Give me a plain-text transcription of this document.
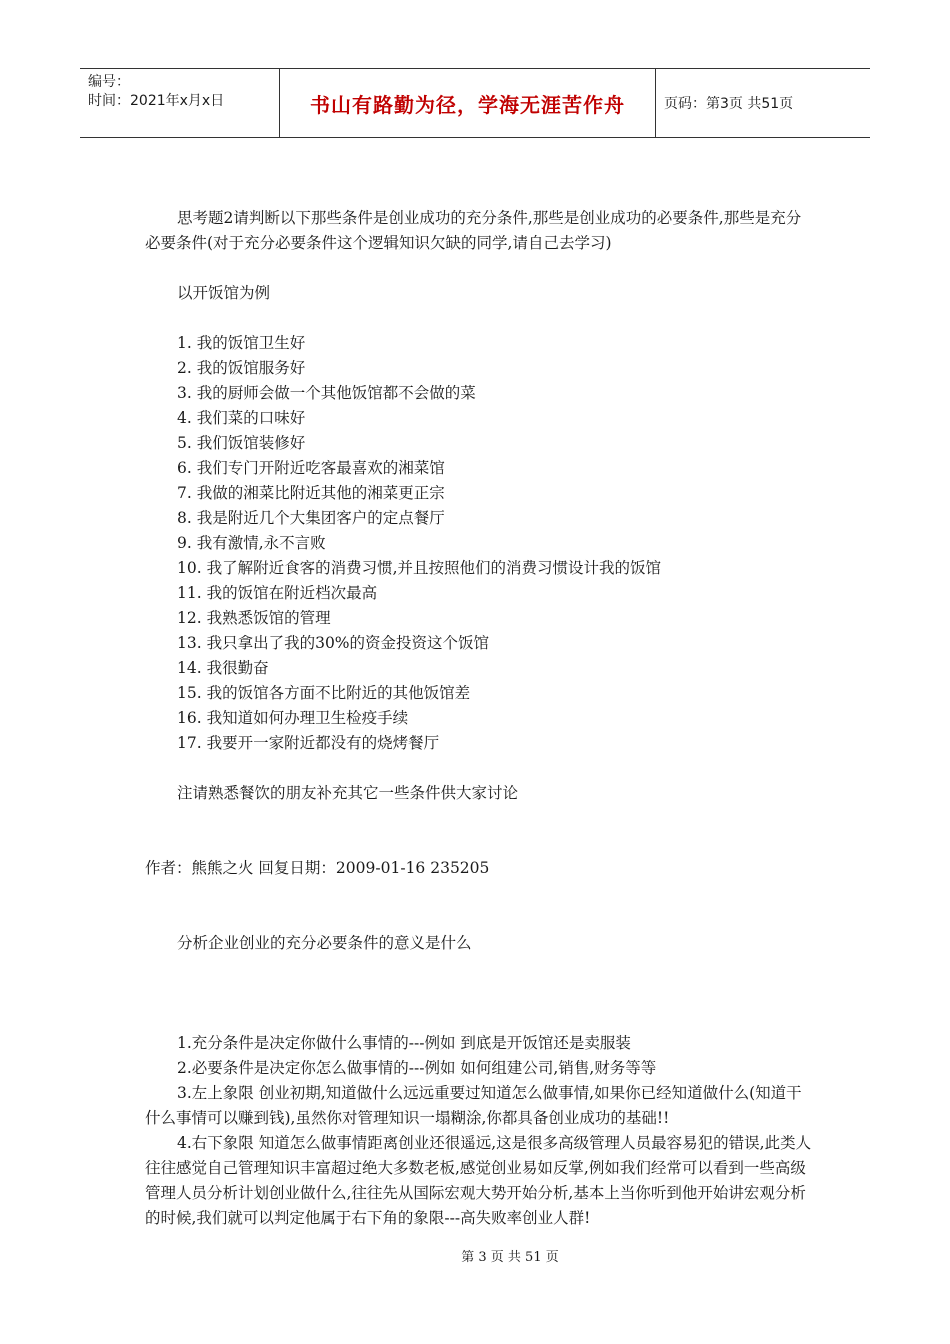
编号：
时间：2021年x月x日	书山有路勤为径，学海无涯苦作舟	页码：第3页 共51页

思考题2请判断以下那些条件是创业成功的充分条件,那些是创业成功的必要条件,那些是充分必要条件(对于充分必要条件这个逻辑知识欠缺的同学,请自己去学习)

以开饭馆为例

1. 我的饭馆卫生好

2. 我的饭馆服务好

3. 我的厨师会做一个其他饭馆都不会做的菜

4. 我们菜的口味好

5. 我们饭馆装修好

6. 我们专门开附近吃客最喜欢的湘菜馆

7. 我做的湘菜比附近其他的湘菜更正宗

8. 我是附近几个大集团客户的定点餐厅

9. 我有激情,永不言败

10. 我了解附近食客的消费习惯,并且按照他们的消费习惯设计我的饭馆

11. 我的饭馆在附近档次最高

12. 我熟悉饭馆的管理

13. 我只拿出了我的30%的资金投资这个饭馆

14. 我很勤奋

15. 我的饭馆各方面不比附近的其他饭馆差

16. 我知道如何办理卫生检疫手续

17. 我要开一家附近都没有的烧烤餐厅

注请熟悉餐饮的朋友补充其它一些条件供大家讨论

作者：熊熊之火 回复日期：2009-01-16 235205

分析企业创业的充分必要条件的意义是什么

1.充分条件是决定你做什么事情的---例如 到底是开饭馆还是卖服装

2.必要条件是决定你怎么做事情的---例如 如何组建公司,销售,财务等等

3.左上象限 创业初期,知道做什么远远重要过知道怎么做事情,如果你已经知道做什么(知道干什么事情可以赚到钱),虽然你对管理知识一塌糊涂,你都具备创业成功的基础!!

4.右下象限 知道怎么做事情距离创业还很遥远,这是很多高级管理人员最容易犯的错误,此类人往往感觉自己管理知识丰富超过绝大多数老板,感觉创业易如反掌,例如我们经常可以看到一些高级管理人员分析计划创业做什么,往往先从国际宏观大势开始分析,基本上当你听到他开始讲宏观分析的时候,我们就可以判定他属于右下角的象限---高失败率创业人群!

第 3 页 共 51 页
